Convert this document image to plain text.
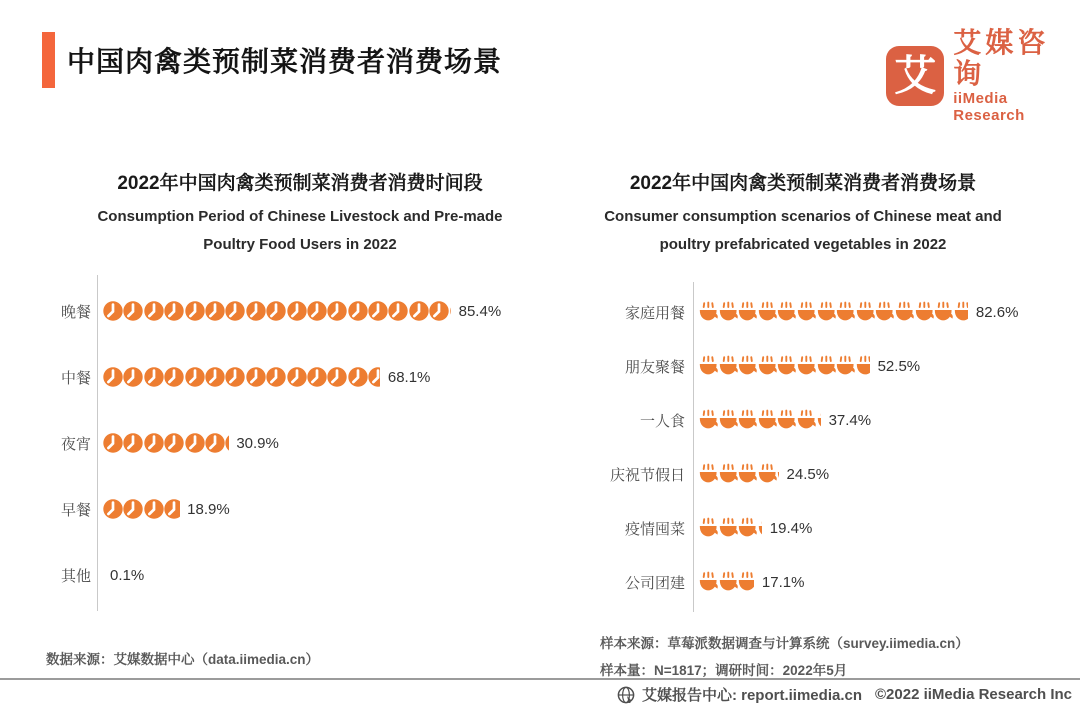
中国肉禽类预制菜消费者消费场景	艾
艾媒咨询
iiMedia Research
2022年中国肉禽类预制菜消费者消费时间段
Consumption Period of Chinese Livestock and Pre-made
Poultry Food Users in 2022
晚餐	85.4%
中餐	68.1%
夜宵	30.9%
早餐	18.9%
其他 0.1%
2022年中国肉禽类预制菜消费者消费场景
Consumer consumption scenarios of Chinese meat and
poultry prefabricated vegetables in 2022
家庭用餐	82.6%
朋友聚餐	52.5%
一人食	37.4%
庆祝节假日	24.5%
疫情囤菜	19.4%
公司团建	17.1%
数据来源：艾媒数据中心（data.iimedia.cn）
样本来源：草莓派数据调查与计算系统（survey.iimedia.cn）
样本量：N=1817；调研时间：2022年5月
艾媒报告中心: report.iimedia.cn ©2022 iiMedia Research Inc
